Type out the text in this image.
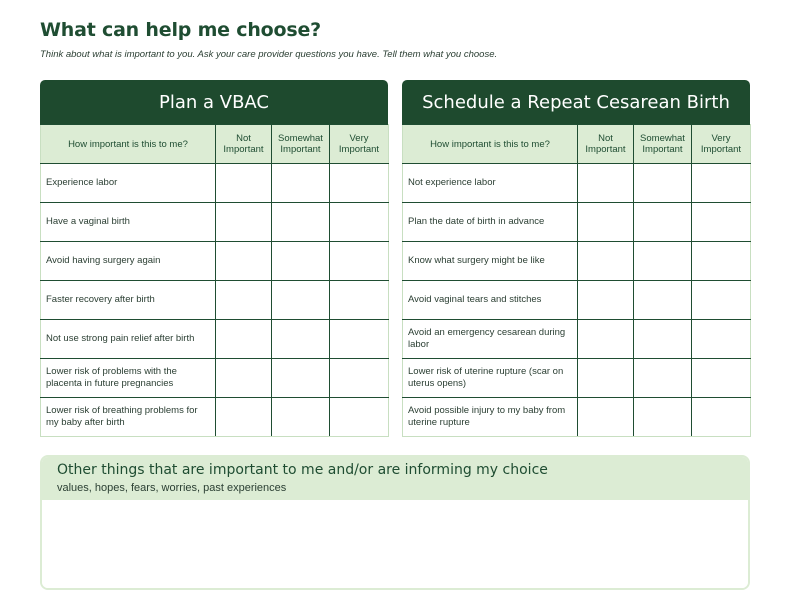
What can help me choose?
Think about what is important to you. Ask your care provider questions you have. Tell them what you choose.
Plan a VBAC
How important is this to me?	Not Important	Somewhat Important	Very Important
Experience labor			
Have a vaginal birth			
Avoid having surgery again			
Faster recovery after birth			
Not use strong pain relief after birth			
Lower risk of problems with the placenta in future pregnancies			
Lower risk of breathing problems for my baby after birth			
Schedule a Repeat Cesarean Birth
How important is this to me?	Not Important	Somewhat Important	Very Important
Not experience labor			
Plan the date of birth in advance			
Know what surgery might be like			
Avoid vaginal tears and stitches			
Avoid an emergency cesarean during labor			
Lower risk of uterine rupture (scar on uterus opens)			
Avoid possible injury to my baby from uterine rupture			
Other things that are important to me and/or are informing my choice
values, hopes, fears, worries, past experiences
